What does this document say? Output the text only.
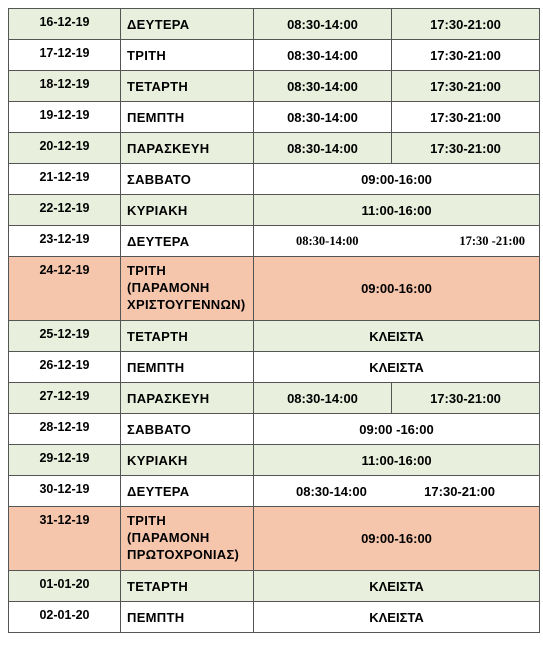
16-12-19	ΔΕΥΤΕΡΑ	08:30-14:00	17:30-21:00
17-12-19	ΤΡΙΤΗ	08:30-14:00	17:30-21:00
18-12-19	ΤΕΤΑΡΤΗ	08:30-14:00	17:30-21:00
19-12-19	ΠΕΜΠΤΗ	08:30-14:00	17:30-21:00
20-12-19	ΠΑΡΑΣΚΕΥΗ	08:30-14:00	17:30-21:00
21-12-19	ΣΑΒΒΑΤΟ	09:00-16:00	
22-12-19	ΚΥΡΙΑΚΗ	11:00-16:00	
23-12-19	ΔΕΥΤΕΡΑ	08:30-14:00 17:30 -21:00	

24-12-19	ΤΡΙΤΗ
(ΠΑΡΑΜΟΝΗ
ΧΡΙΣΤΟΥΓΕΝΝΩΝ)	09:00-16:00	
25-12-19	ΤΕΤΑΡΤΗ	ΚΛΕΙΣΤΑ	
26-12-19	ΠΕΜΠΤΗ	ΚΛΕΙΣΤΑ	
27-12-19	ΠΑΡΑΣΚΕΥΗ	08:30-14:00	17:30-21:00
28-12-19	ΣΑΒΒΑΤΟ	09:00 -16:00	
29-12-19	ΚΥΡΙΑΚΗ	11:00-16:00	
30-12-19	ΔΕΥΤΕΡΑ	08:30-14:00 17:30-21:00	

31-12-19	ΤΡΙΤΗ
(ΠΑΡΑΜΟΝΗ
ΠΡΩΤΟΧΡΟΝΙΑΣ)	09:00-16:00	
01-01-20	ΤΕΤΑΡΤΗ	ΚΛΕΙΣΤΑ	
02-01-20	ΠΕΜΠΤΗ	ΚΛΕΙΣΤΑ	
